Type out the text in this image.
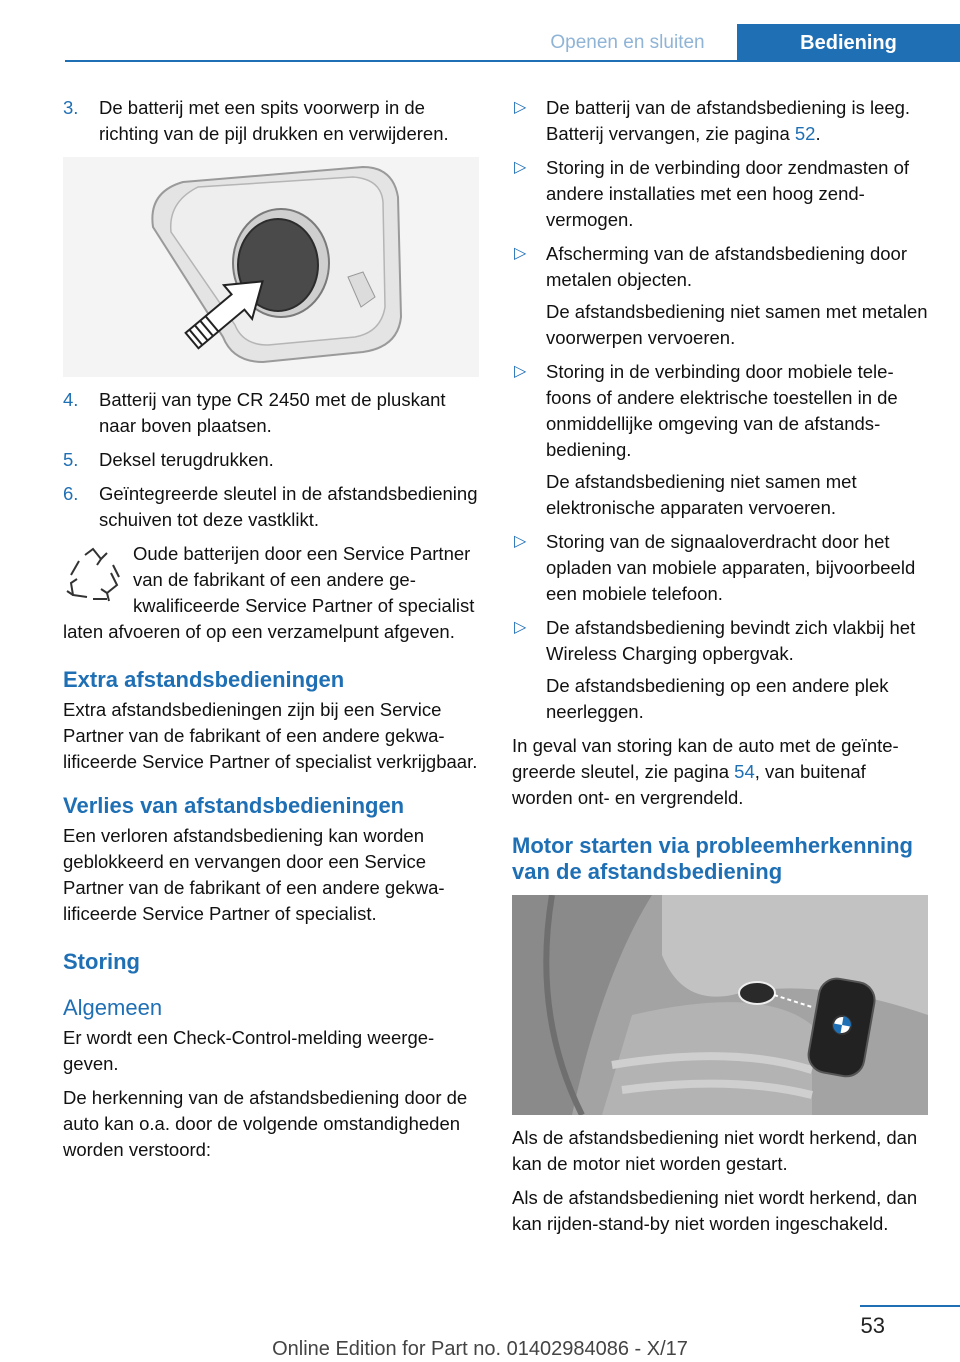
Openen en sluiten	Bediening
3. De batterij met een spits voorwerp in de richting van de pijl drukken en verwijderen.
4. Batterij van type CR 2450 met de pluskant naar boven plaatsen.
5. Deksel terugdrukken.
6. Geïntegreerde sleutel in de afstandsbediening schuiven tot deze vastklikt.
Oude batterijen door een Service Partner van de fabrikant of een andere gekwalificeerde Service Partner of specialist laten afvoeren of op een verzamelpunt afgeven.
Extra afstandsbedieningen

Extra afstandsbedieningen zijn bij een Service Partner van de fabrikant of een andere gekwalificeerde Service Partner of specialist verkrijgbaar.

Verlies van afstandsbedieningen

Een verloren afstandsbediening kan worden geblokkeerd en vervangen door een Service Partner van de fabrikant of een andere gekwalificeerde Service Partner of specialist.

Storing
Algemeen

Er wordt een Check-Control-melding weergegeven.

De herkenning van de afstandsbediening door de auto kan o.a. door de volgende omstandigheden worden verstoord:

▷ De batterij van de afstandsbediening is leeg. Batterij vervangen, zie pagina 52.
▷ Storing in de verbinding door zendmasten of andere installaties met een hoog zendvermogen.
▷ Afscherming van de afstandsbediening door metalen objecten.
De afstandsbediening niet samen met metalen voorwerpen vervoeren.
▷ Storing in de verbinding door mobiele telefoons of andere elektrische toestellen in de onmiddellijke omgeving van de afstandsbediening.
De afstandsbediening niet samen met elektronische apparaten vervoeren.
▷ Storing van de signaaloverdracht door het opladen van mobiele apparaten, bijvoorbeeld een mobiele telefoon.
▷ De afstandsbediening bevindt zich vlakbij het Wireless Charging opbergvak.
De afstandsbediening op een andere plek neerleggen.

In geval van storing kan de auto met de geïntegreerde sleutel, zie pagina 54, van buitenaf worden ont- en vergrendeld.

Motor starten via probleemherkenning van de afstandsbediening

Als de afstandsbediening niet wordt herkend, dan kan de motor niet worden gestart.

Als de afstandsbediening niet wordt herkend, dan kan rijden-stand-by niet worden ingeschakeld.

53
Online Edition for Part no. 01402984086 - X/17
